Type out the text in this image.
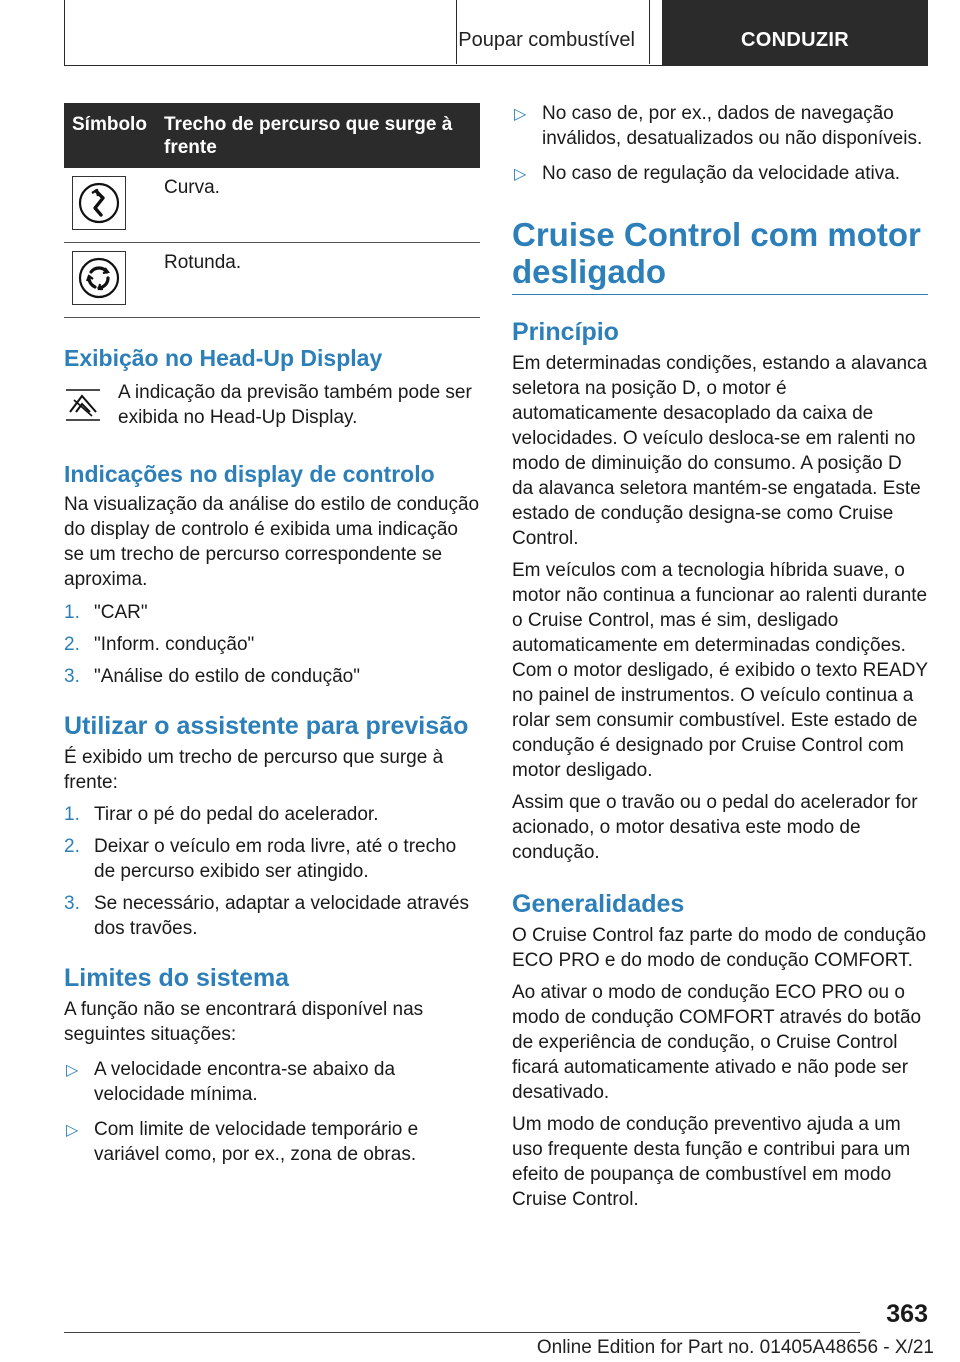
Poupar combustível	CONDUZIR
Símbolo	Trecho de percurso que surge à frente

	Curva.

	Rotunda.
Exibição no Head-Up Display

A indicação da previsão também pode ser exibida no Head-Up Display.

Indicações no display de controlo

Na visualização da análise do estilo de condução do display de controlo é exibida uma indicação se um trecho de percurso correspondente se aproxima.

1. "CAR"
2. "Inform. condução"
3. "Análise do estilo de condução"
Utilizar o assistente para previsão

É exibido um trecho de percurso que surge à frente:

1. Tirar o pé do pedal do acelerador.
2. Deixar o veículo em roda livre, até o trecho de percurso exibido ser atingido.
3. Se necessário, adaptar a velocidade através dos travões.
Limites do sistema

A função não se encontrará disponível nas seguintes situações:

▷ A velocidade encontra-se abaixo da velocidade mínima.
▷ Com limite de velocidade temporário e variável como, por ex., zona de obras.
▷ No caso de, por ex., dados de navegação inválidos, desatualizados ou não disponíveis.
▷ No caso de regulação da velocidade ativa.
Cruise Control com motor desligado
Princípio

Em determinadas condições, estando a alavanca seletora na posição D, o motor é automaticamente desacoplado da caixa de velocidades. O veículo desloca-se em ralenti no modo de diminuição do consumo. A posição D da alavanca seletora mantém-se engatada. Este estado de condução designa-se como Cruise Control.

Em veículos com a tecnologia híbrida suave, o motor não continua a funcionar ao ralenti durante o Cruise Control, mas é sim, desligado automaticamente em determinadas condições. Com o motor desligado, é exibido o texto READY no painel de instrumentos. O veículo continua a rolar sem consumir combustível. Este estado de condução é designado por Cruise Control com motor desligado.

Assim que o travão ou o pedal do acelerador for acionado, o motor desativa este modo de condução.

Generalidades

O Cruise Control faz parte do modo de condução ECO PRO e do modo de condução COMFORT.

Ao ativar o modo de condução ECO PRO ou o modo de condução COMFORT através do botão de experiência de condução, o Cruise Control ficará automaticamente ativado e não pode ser desativado.

Um modo de condução preventivo ajuda a um uso frequente desta função e contribui para um efeito de poupança de combustível em modo Cruise Control.

363
Online Edition for Part no. 01405A48656 - X/21
